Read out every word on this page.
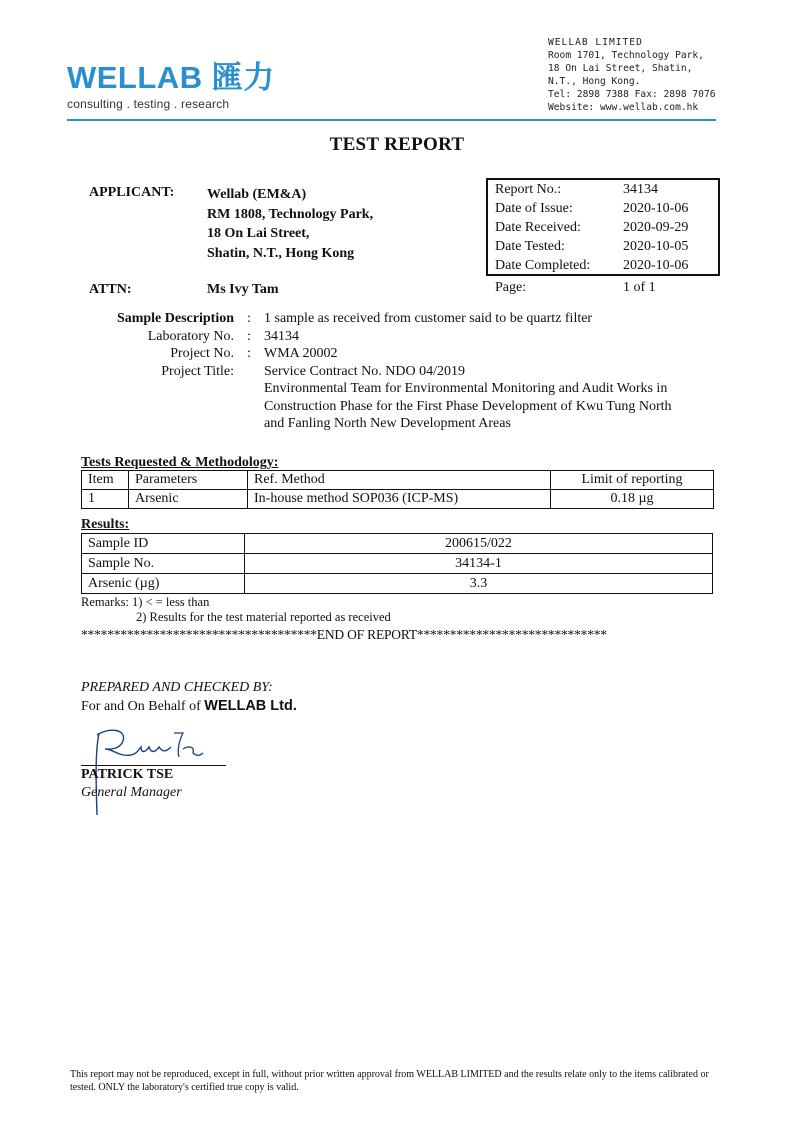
WELLAB 匯力
consulting . testing . research
WELLAB LIMITED
Room 1701, Technology Park,
18 On Lai Street, Shatin,
N.T., Hong Kong.
Tel: 2898 7388 Fax: 2898 7076
Website: www.wellab.com.hk
TEST REPORT
APPLICANT: Wellab (EM&A)
RM 1808, Technology Park,
18 On Lai Street,
Shatin, N.T., Hong Kong
ATTN:	Ms Ivy Tam
Report No.:	34134
Date of Issue:	2020-10-06
Date Received:	2020-09-29
Date Tested:	2020-10-05
Date Completed:	2020-10-06
Page:	1 of 1
Sample Description : 1 sample as received from customer said to be quartz filter
Laboratory No. : 34134
Project No. : WMA 20002
Project Title: Service Contract No. NDO 04/2019
Environmental Team for Environmental Monitoring and Audit Works in
Construction Phase for the First Phase Development of Kwu Tung North
and Fanling North New Development Areas
Tests Requested & Methodology:
Item	Parameters	Ref. Method	Limit of reporting
1	Arsenic	In-house method SOP036 (ICP-MS)	0.18 µg
Results:
Sample ID	200615/022
Sample No.	34134-1
Arsenic (µg)	3.3
Remarks: 1) < = less than
2) Results for the test material reported as received
************************************END OF REPORT*****************************
PREPARED AND CHECKED BY:
For and On Behalf of WELLAB Ltd.
PATRICK TSE
General Manager
This report may not be reproduced, except in full, without prior written approval from WELLAB LIMITED and the results relate only to the items calibrated or tested. ONLY the laboratory's certified true copy is valid.
